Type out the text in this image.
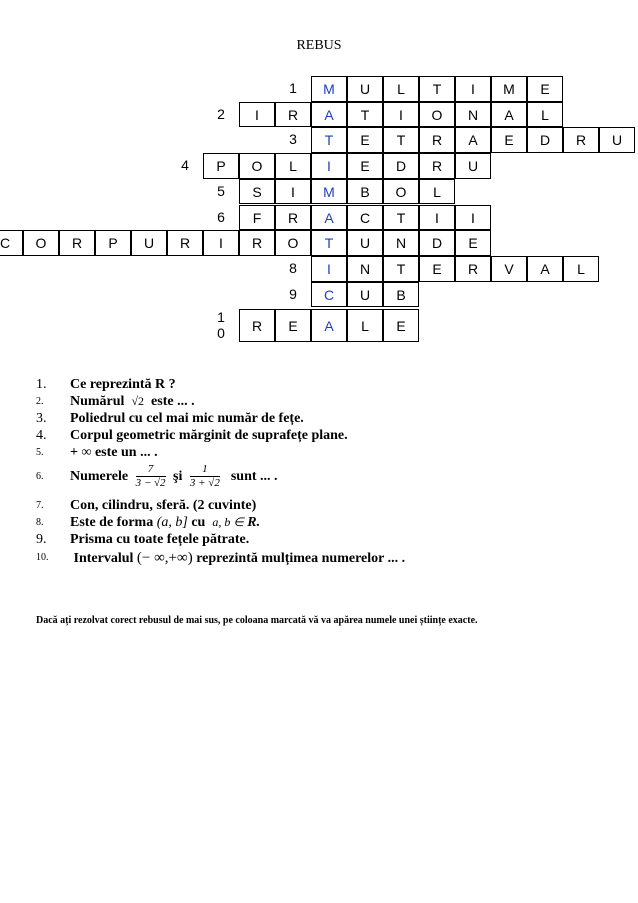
REBUS
1	M	U	L	T	I	M	E
2	I	R	A	T	I	O	N	A	L
3	T	E	T	R	A	E	D	R	U
4	P	O	L	I	E	D	R	U
5	S	I	M	B	O	L
6	F	R	A	C	T	I	I
C	O	R	P	U	R	I	R	O	T	U	N	D	E
8	I	N	T	E	R	V	A	L
9	C	U	B
1
0	R	E	A	L	E
1.	Ce reprezintă R ?
2.	Numărul √2 este ... .
3.	Poliedrul cu cel mai mic număr de fețe.
4.	Corpul geometric mărginit de suprafețe plane.
5.	+ ∞ este un ... .
6.	Numerele $\frac{7}{3 - √2}$ şi $\frac{1}{3 + √2}$ sunt ... .
7.	Con, cilindru, sferă. (2 cuvinte)
8.	Este de forma (a, b] cu a, b ∈ R.
9.	Prisma cu toate fețele pătrate.
10.	Intervalul (− ∞,+∞) reprezintă mulțimea numerelor ... .
Dacă ați rezolvat corect rebusul de mai sus, pe coloana marcată vă va apărea numele unei științe exacte.
